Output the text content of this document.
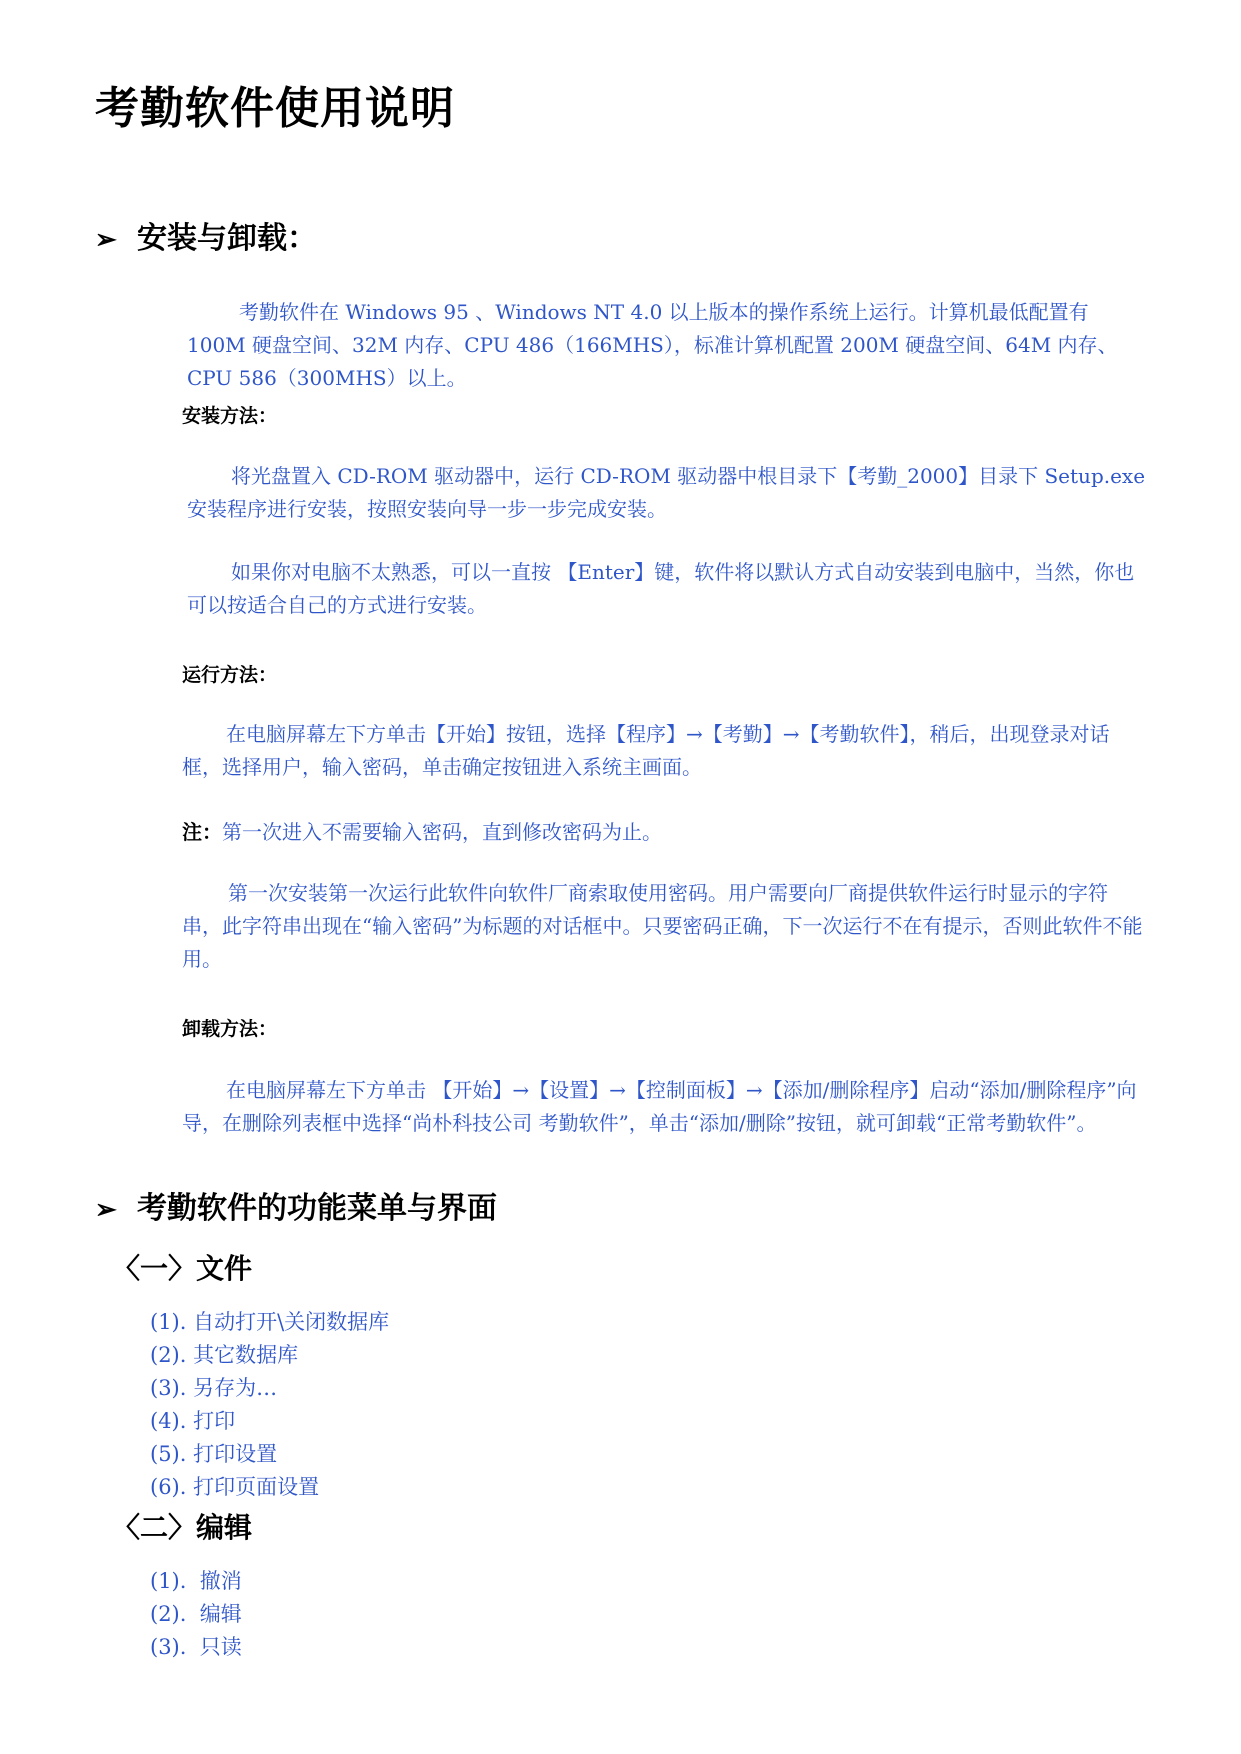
考勤软件使用说明
➢ 安装与卸载：
考勤软件在 Windows 95 、Windows NT 4.0 以上版本的操作系统上运行。计算机最低配置有 100M 硬盘空间、32M 内存、CPU 486（166MHS），标准计算机配置 200M 硬盘空间、64M 内存、CPU 586（300MHS）以上。
安装方法：
将光盘置入 CD-ROM 驱动器中，运行 CD-ROM 驱动器中根目录下【考勤_2000】目录下 Setup.exe 安装程序进行安装，按照安装向导一步一步完成安装。
如果你对电脑不太熟悉，可以一直按 【Enter】键，软件将以默认方式自动安装到电脑中，当然，你也可以按适合自己的方式进行安装。
运行方法：
在电脑屏幕左下方单击【开始】按钮，选择【程序】→【考勤】→【考勤软件】，稍后，出现登录对话框，选择用户，输入密码，单击确定按钮进入系统主画面。
注：第一次进入不需要输入密码，直到修改密码为止。
第一次安装第一次运行此软件向软件厂商索取使用密码。用户需要向厂商提供软件运行时显示的字符串，此字符串出现在“输入密码”为标题的对话框中。只要密码正确，下一次运行不在有提示，否则此软件不能用。
卸载方法：
在电脑屏幕左下方单击 【开始】→【设置】→【控制面板】→【添加/删除程序】启动“添加/删除程序”向导，在删除列表框中选择“尚朴科技公司 考勤软件”，单击“添加/删除”按钮，就可卸载“正常考勤软件”。
➢ 考勤软件的功能菜单与界面
〈一〉文件
(1). 自动打开\关闭数据库
(2). 其它数据库
(3). 另存为…
(4). 打印
(5). 打印设置
(6). 打印页面设置
〈二〉编辑
(1).  撤消
(2).  编辑
(3).  只读
